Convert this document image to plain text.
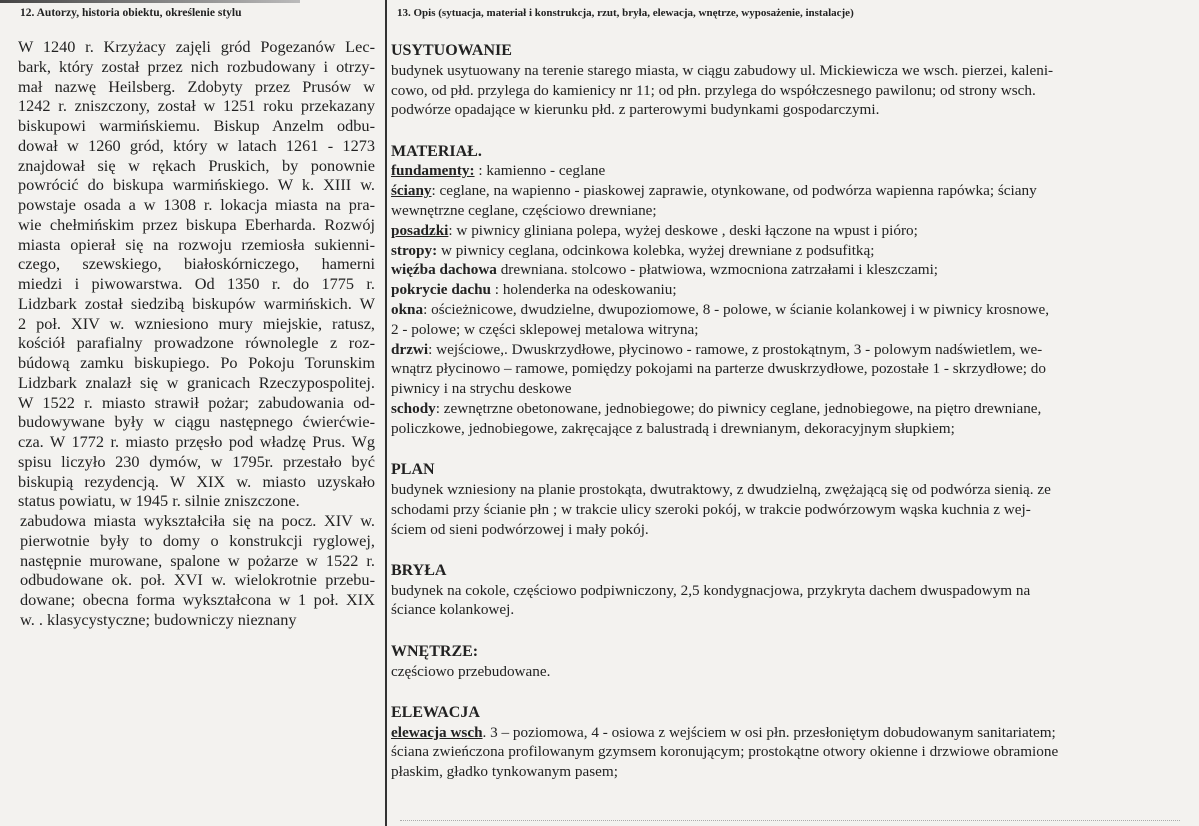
12. Autorzy, historia obiektu, określenie stylu	13. Opis (sytuacja, materiał i konstrukcja, rzut, bryła, elewacja, wnętrze, wyposażenie, instalacje)
W 1240 r. Krzyżacy zajęli gród Pogezanów Lec-
bark, który został przez nich rozbudowany i otrzy-
mał nazwę Heilsberg. Zdobyty przez Prusów w
1242 r. zniszczony, został w 1251 roku przekazany
biskupowi warmińskiemu. Biskup Anzelm odbu-
dował w 1260 gród, który w latach 1261 - 1273
znajdował się w rękach Pruskich, by ponownie
powrócić do biskupa warmińskiego. W k. XIII w.
powstaje osada a w 1308 r. lokacja miasta na pra-
wie chełmińskim przez biskupa Eberharda. Rozwój
miasta opierał się na rozwoju rzemiosła sukienni-
czego, szewskiego, białoskórniczego, hamerni
miedzi i piwowarstwa. Od 1350 r. do 1775 r.
Lidzbark został siedzibą biskupów warmińskich. W
2 poł. XIV w. wzniesiono mury miejskie, ratusz,
kościół parafialny prowadzone równolegle z roz-
búdową zamku biskupiego. Po Pokoju Torunskim
Lidzbark znalazł się w granicach Rzeczypospolitej.
W 1522 r. miasto strawił pożar; zabudowania od-
budowywane były w ciągu następnego ćwierćwie-
cza. W 1772 r. miasto przęsło pod władzę Prus. Wg
spisu liczyło 230 dymów, w 1795r. przestało być
biskupią rezydencją. W XIX w. miasto uzyskało
status powiatu, w 1945 r. silnie zniszczone.
zabudowa miasta wykształciła się na pocz. XIV w.
pierwotnie były to domy o konstrukcji ryglowej,
następnie murowane, spalone w pożarze w 1522 r.
odbudowane ok. poł. XVI w. wielokrotnie przebu-
dowane; obecna forma wykształcona w 1 poł. XIX
w. . klasycystyczne; budowniczy nieznany
USYTUOWANIE
budynek usytuowany na terenie starego miasta, w ciągu zabudowy ul. Mickiewicza we wsch. pierzei, kaleni-
cowo, od płd. przylega do kamienicy nr 11; od płn. przylega do współczesnego pawilonu; od strony wsch.
podwórze opadające w kierunku płd. z parterowymi budynkami gospodarczymi.
MATERIAŁ.
fundamenty: : kamienno - ceglane
ściany: ceglane, na wapienno - piaskowej zaprawie, otynkowane, od podwórza wapienna rapówka; ściany
wewnętrzne ceglane, częściowo drewniane;
posadzki: w piwnicy gliniana polepa, wyżej deskowe , deski łączone na wpust i pióro;
stropy: w piwnicy ceglana, odcinkowa kolebka, wyżej drewniane z podsufitką;
więźba dachowa drewniana. stolcowo - płatwiowa, wzmocniona zatrzałami i kleszczami;
pokrycie dachu : holenderka na odeskowaniu;
okna: ościeżnicowe, dwudzielne, dwupoziomowe, 8 - polowe, w ścianie kolankowej i w piwnicy krosnowe,
2 - polowe; w części sklepowej metalowa witryna;
drzwi: wejściowe,. Dwuskrzydłowe, płycinowo - ramowe, z prostokątnym, 3 - polowym nadświetlem, we-
wnątrz płycinowo – ramowe, pomiędzy pokojami na parterze dwuskrzydłowe, pozostałe 1 - skrzydłowe; do
piwnicy i na strychu deskowe
schody: zewnętrzne obetonowane, jednobiegowe; do piwnicy ceglane, jednobiegowe, na piętro drewniane,
policzkowe, jednobiegowe, zakręcające z balustradą i drewnianym, dekoracyjnym słupkiem;
PLAN
budynek wzniesiony na planie prostokąta, dwutraktowy, z dwudzielną, zwężającą się od podwórza sienią. ze
schodami przy ścianie płn ; w trakcie ulicy szeroki pokój, w trakcie podwórzowym wąska kuchnia z wej-
ściem od sieni podwórzowej i mały pokój.
BRYŁA
budynek na cokole, częściowo podpiwniczony, 2,5 kondygnacjowa, przykryta dachem dwuspadowym na
ściance kolankowej.
WNĘTRZE:
częściowo przebudowane.
ELEWACJA
elewacja wsch. 3 – poziomowa, 4 - osiowa z wejściem w osi płn. przesłoniętym dobudowanym sanitariatem;
ściana zwieńczona profilowanym gzymsem koronującym; prostokątne otwory okienne i drzwiowe obramione
płaskim, gładko tynkowanym pasem;
